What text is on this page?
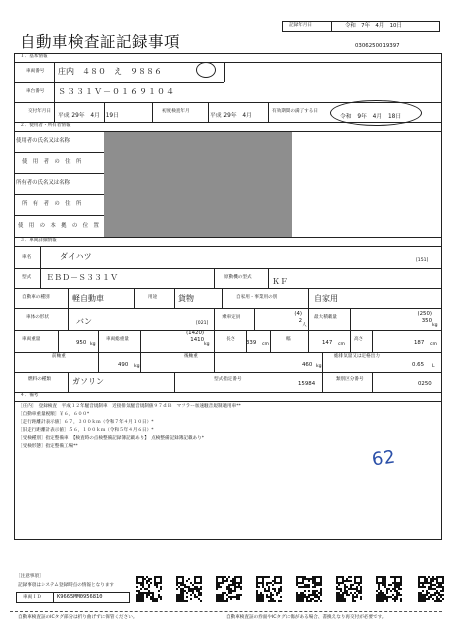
記録年月日	令和　7年　4月　10日
自動車検査証記録事項	0306250019397
１．基本情報
車両番号 庄内　４８０　え　９８８６
車台番号 Ｓ３３１Ｖ－０１６９１０４
交付年月日
平成 29年　4月　19日
初度検査年月
平成 29年　4月
有効期間の満了する日
令和　9年　4月　18日
２．使用者・所有者情報
使用者の氏名又は名称
使　用　者　の　住　所
所有者の氏名又は名称
所　有　者　の　住　所
使　用　の　本　拠　の　位　置
３．車両詳細情報
車名	ダイハツ	[151]
型式 ＥＢＤ－Ｓ３３１Ｖ	原動機の型式	ＫＦ
自動車の種別	軽自動車	用途	貨物	自家用・事業用の別	自家用
車体の形状	バン	[021]
乗車定員
(4)
2
人
最大積載量
(250)
350
kg
車両重量
950 kg
車両総重量
(1420)
1410
kg
長さ
339 cm
幅
147 cm
高さ
187 cm
前軸重
490 kg
後軸重
460 kg
総排気量又は定格出力
0.65 L
燃料の種類	ガソリン	型式指定番号
15984
類別区分番号
0250
４．備考
［庄内］　登録検査　平成１２年騒音規制車　近接排気騒音規制値９７ｄＢ　マフラー加速騒音規制適用車**
［自動車重量税額］￥６，６００*
［走行距離計表示値］６７，３００ｋｍ（令和７年４月１０日）*
［旧走行距離計表示値］５６，１００ｋｍ（令和５年４月６日）*
［受検種別］指定整備車　【検査時の点検整備記録簿記載あり】　点検整備記録簿記載あり*
［受検形態］指定整備工場**
62
［注意事項］
記録事項はシステム登録時点の情報となります
車両ＩＤ	K9665MM0956810
自動車検査証のICタグ部分は折り曲げずに保管ください。	自動車検査証の券面やICタグに傷がある場合、書換えなり再交付が必要です。
